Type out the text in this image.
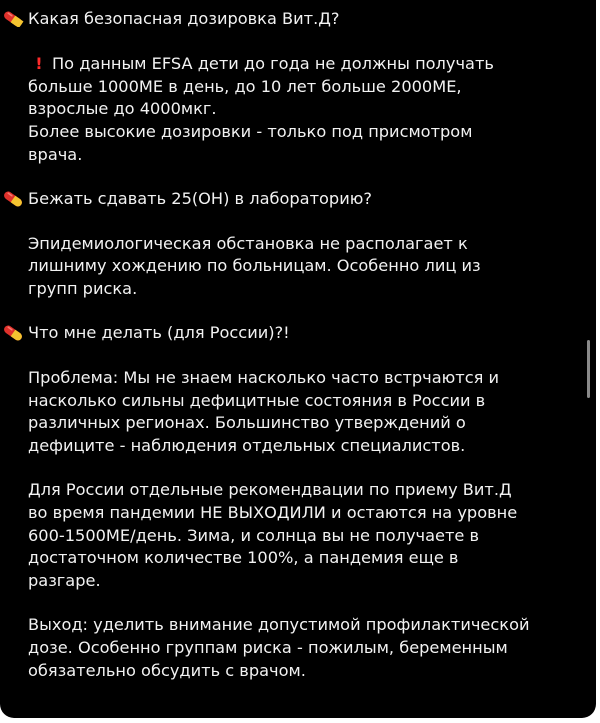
Какая безопасная дозировка Вит.Д?
! По данным EFSA дети до года не должны получать
больше 1000МЕ в день, до 10 лет больше 2000МЕ,
взрослые до 4000мкг.
Более высокие дозировки - только под присмотром
врача.
Бежать сдавать 25(ОН) в лабораторию?
Эпидемиологическая обстановка не располагает к
лишниму хождению по больницам. Особенно лиц из
групп риска.
Что мне делать (для России)?!
Проблема: Мы не знаем насколько часто встрчаются и
насколько сильны дефицитные состояния в России в
различных регионах. Большинство утверждений о
дефиците - наблюдения отдельных специалистов.
Для России отдельные рекомендвации по приему Вит.Д
во время пандемии НЕ ВЫХОДИЛИ и остаются на уровне
600-1500МЕ/день. Зима, и солнца вы не получаете в
достаточном количестве 100%, а пандемия еще в
разгаре.
Выход: уделить внимание допустимой профилактической
дозе. Особенно группам риска - пожилым, беременным
обязательно обсудить с врачом.
